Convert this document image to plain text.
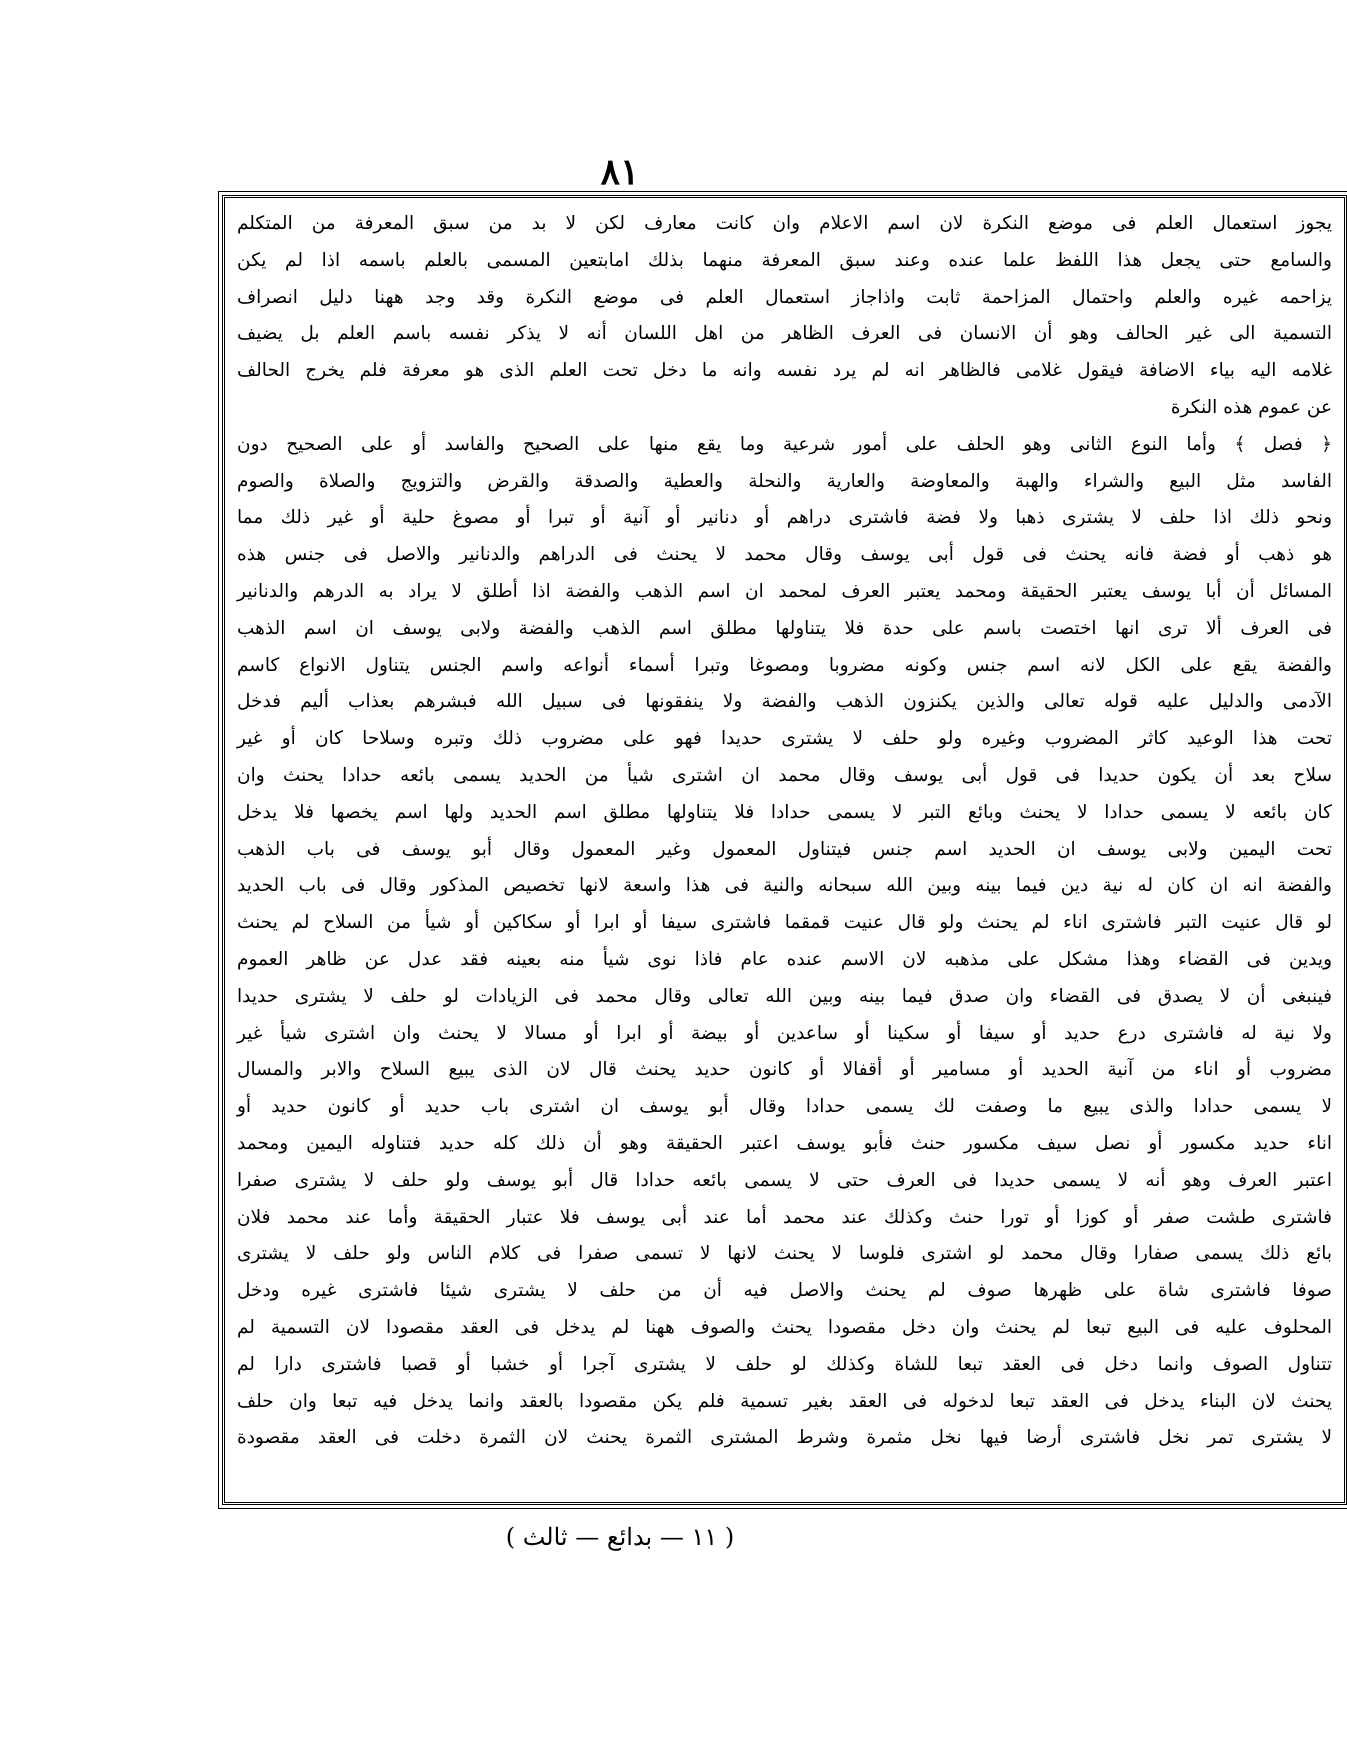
٨١
يجوز استعمال العلم فى موضع النكرة لان اسم الاعلام وان كانت معارف لكن لا بد من سبق المعرفة من المتكلم
والسامع حتى يجعل هذا اللفظ علما عنده وعند سبق المعرفة منهما بذلك امابتعين المسمى بالعلم باسمه اذا لم يكن
يزاحمه غيره والعلم واحتمال المزاحمة ثابت واذاجاز استعمال العلم فى موضع النكرة وقد وجد ههنا دليل انصراف
التسمية الى غير الحالف وهو أن الانسان فى العرف الظاهر من اهل اللسان أنه لا يذكر نفسه باسم العلم بل يضيف
غلامه اليه بياء الاضافة فيقول غلامى فالظاهر انه لم يرد نفسه وانه ما دخل تحت العلم الذى هو معرفة فلم يخرج الحالف
عن عموم هذه النكرة
﴿ فصل ﴾ وأما النوع الثانى وهو الحلف على أمور شرعية وما يقع منها على الصحيح والفاسد أو على الصحيح دون
الفاسد مثل البيع والشراء والهبة والمعاوضة والعارية والنحلة والعطية والصدقة والقرض والتزويج والصلاة والصوم
ونحو ذلك اذا حلف لا يشترى ذهبا ولا فضة فاشترى دراهم أو دنانير أو آنية أو تبرا أو مصوغ حلية أو غير ذلك مما
هو ذهب أو فضة فانه يحنث فى قول أبى يوسف وقال محمد لا يحنث فى الدراهم والدنانير والاصل فى جنس هذه
المسائل أن أبا يوسف يعتبر الحقيقة ومحمد يعتبر العرف لمحمد ان اسم الذهب والفضة اذا أطلق لا يراد به الدرهم والدنانير
فى العرف ألا ترى انها اختصت باسم على حدة فلا يتناولها مطلق اسم الذهب والفضة ولابى يوسف ان اسم الذهب
والفضة يقع على الكل لانه اسم جنس وكونه مضروبا ومصوغا وتبرا أسماء أنواعه واسم الجنس يتناول الانواع كاسم
الآدمى والدليل عليه قوله تعالى والذين يكنزون الذهب والفضة ولا ينفقونها فى سبيل الله فبشرهم بعذاب أليم فدخل
تحت هذا الوعيد كاثر المضروب وغيره ولو حلف لا يشترى حديدا فهو على مضروب ذلك وتبره وسلاحا كان أو غير
سلاح بعد أن يكون حديدا فى قول أبى يوسف وقال محمد ان اشترى شيأ من الحديد يسمى بائعه حدادا يحنث وان
كان بائعه لا يسمى حدادا لا يحنث وبائع التبر لا يسمى حدادا فلا يتناولها مطلق اسم الحديد ولها اسم يخصها فلا يدخل
تحت اليمين ولابى يوسف ان الحديد اسم جنس فيتناول المعمول وغير المعمول وقال أبو يوسف فى باب الذهب
والفضة انه ان كان له نية دين فيما بينه وبين الله سبحانه والنية فى هذا واسعة لانها تخصيص المذكور وقال فى باب الحديد
لو قال عنيت التبر فاشترى اناء لم يحنث ولو قال عنيت قمقما فاشترى سيفا أو ابرا أو سكاكين أو شيأ من السلاح لم يحنث
ويدين فى القضاء وهذا مشكل على مذهبه لان الاسم عنده عام فاذا نوى شيأ منه بعينه فقد عدل عن ظاهر العموم
فينبغى أن لا يصدق فى القضاء وان صدق فيما بينه وبين الله تعالى وقال محمد فى الزيادات لو حلف لا يشترى حديدا
ولا نية له فاشترى درع حديد أو سيفا أو سكينا أو ساعدين أو بيضة أو ابرا أو مسالا لا يحنث وان اشترى شيأ غير
مضروب أو اناء من آنية الحديد أو مسامير أو أقفالا أو كانون حديد يحنث قال لان الذى يبيع السلاح والابر والمسال
لا يسمى حدادا والذى يبيع ما وصفت لك يسمى حدادا وقال أبو يوسف ان اشترى باب حديد أو كانون حديد أو
اناء حديد مكسور أو نصل سيف مكسور حنث فأبو يوسف اعتبر الحقيقة وهو أن ذلك كله حديد فتناوله اليمين ومحمد
اعتبر العرف وهو أنه لا يسمى حديدا فى العرف حتى لا يسمى بائعه حدادا قال أبو يوسف ولو حلف لا يشترى صفرا
فاشترى طشت صفر أو كوزا أو تورا حنث وكذلك عند محمد أما عند أبى يوسف فلا عتبار الحقيقة وأما عند محمد فلان
بائع ذلك يسمى صفارا وقال محمد لو اشترى فلوسا لا يحنث لانها لا تسمى صفرا فى كلام الناس ولو حلف لا يشترى
صوفا فاشترى شاة على ظهرها صوف لم يحنث والاصل فيه أن من حلف لا يشترى شيئا فاشترى غيره ودخل
المحلوف عليه فى البيع تبعا لم يحنث وان دخل مقصودا يحنث والصوف ههنا لم يدخل فى العقد مقصودا لان التسمية لم
تتناول الصوف وانما دخل فى العقد تبعا للشاة وكذلك لو حلف لا يشترى آجرا أو خشبا أو قصبا فاشترى دارا لم
يحنث لان البناء يدخل فى العقد تبعا لدخوله فى العقد بغير تسمية فلم يكن مقصودا بالعقد وانما يدخل فيه تبعا وان حلف
لا يشترى تمر نخل فاشترى أرضا فيها نخل مثمرة وشرط المشترى الثمرة يحنث لان الثمرة دخلت فى العقد مقصودة
( ١١ — بدائع — ثالث )
